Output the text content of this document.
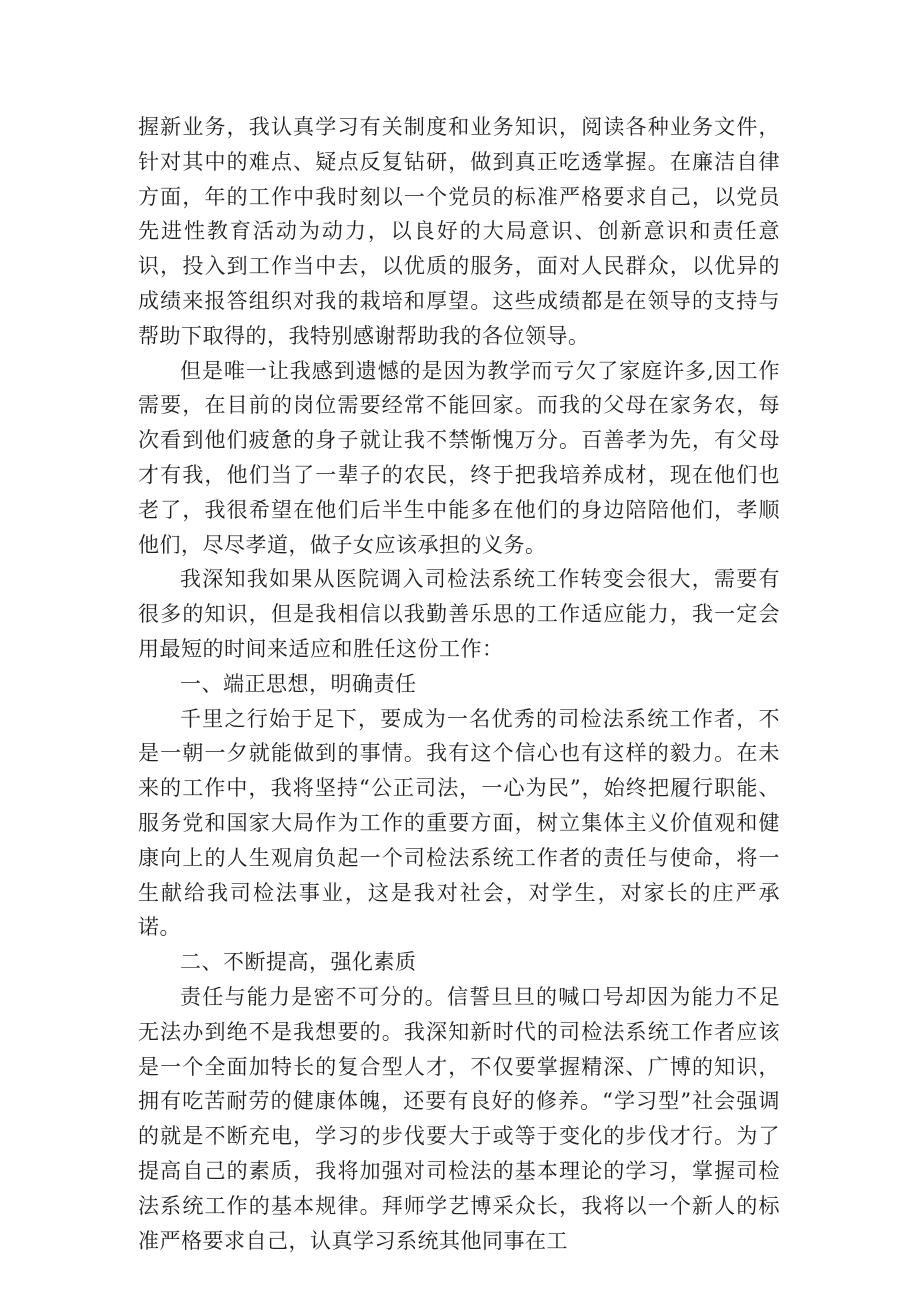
握新业务，我认真学习有关制度和业务知识，阅读各种业务文件，针对其中的难点、疑点反复钻研，做到真正吃透掌握。在廉洁自律方面，年的工作中我时刻以一个党员的标准严格要求自己，以党员先进性教育活动为动力，以良好的大局意识、创新意识和责任意识，投入到工作当中去，以优质的服务，面对人民群众，以优异的成绩来报答组织对我的栽培和厚望。这些成绩都是在领导的支持与帮助下取得的，我特别感谢帮助我的各位领导。

但是唯一让我感到遗憾的是因为教学而亏欠了家庭许多,因工作需要，在目前的岗位需要经常不能回家。而我的父母在家务农，每次看到他们疲惫的身子就让我不禁惭愧万分。百善孝为先，有父母才有我，他们当了一辈子的农民，终于把我培养成材，现在他们也老了，我很希望在他们后半生中能多在他们的身边陪陪他们，孝顺他们，尽尽孝道，做子女应该承担的义务。

我深知我如果从医院调入司检法系统工作转变会很大，需要有很多的知识，但是我相信以我勤善乐思的工作适应能力，我一定会用最短的时间来适应和胜任这份工作：

一、端正思想，明确责任

千里之行始于足下，要成为一名优秀的司检法系统工作者，不是一朝一夕就能做到的事情。我有这个信心也有这样的毅力。在未来的工作中，我将坚持“公正司法，一心为民”，始终把履行职能、服务党和国家大局作为工作的重要方面，树立集体主义价值观和健康向上的人生观肩负起一个司检法系统工作者的责任与使命，将一生献给我司检法事业，这是我对社会，对学生，对家长的庄严承诺。

二、不断提高，强化素质

责任与能力是密不可分的。信誓旦旦的喊口号却因为能力不足无法办到绝不是我想要的。我深知新时代的司检法系统工作者应该是一个全面加特长的复合型人才，不仅要掌握精深、广博的知识，拥有吃苦耐劳的健康体魄，还要有良好的修养。“学习型”社会强调的就是不断充电，学习的步伐要大于或等于变化的步伐才行。为了提高自己的素质，我将加强对司检法的基本理论的学习，掌握司检法系统工作的基本规律。拜师学艺博采众长，我将以一个新人的标准严格要求自己，认真学习系统其他同事在工
